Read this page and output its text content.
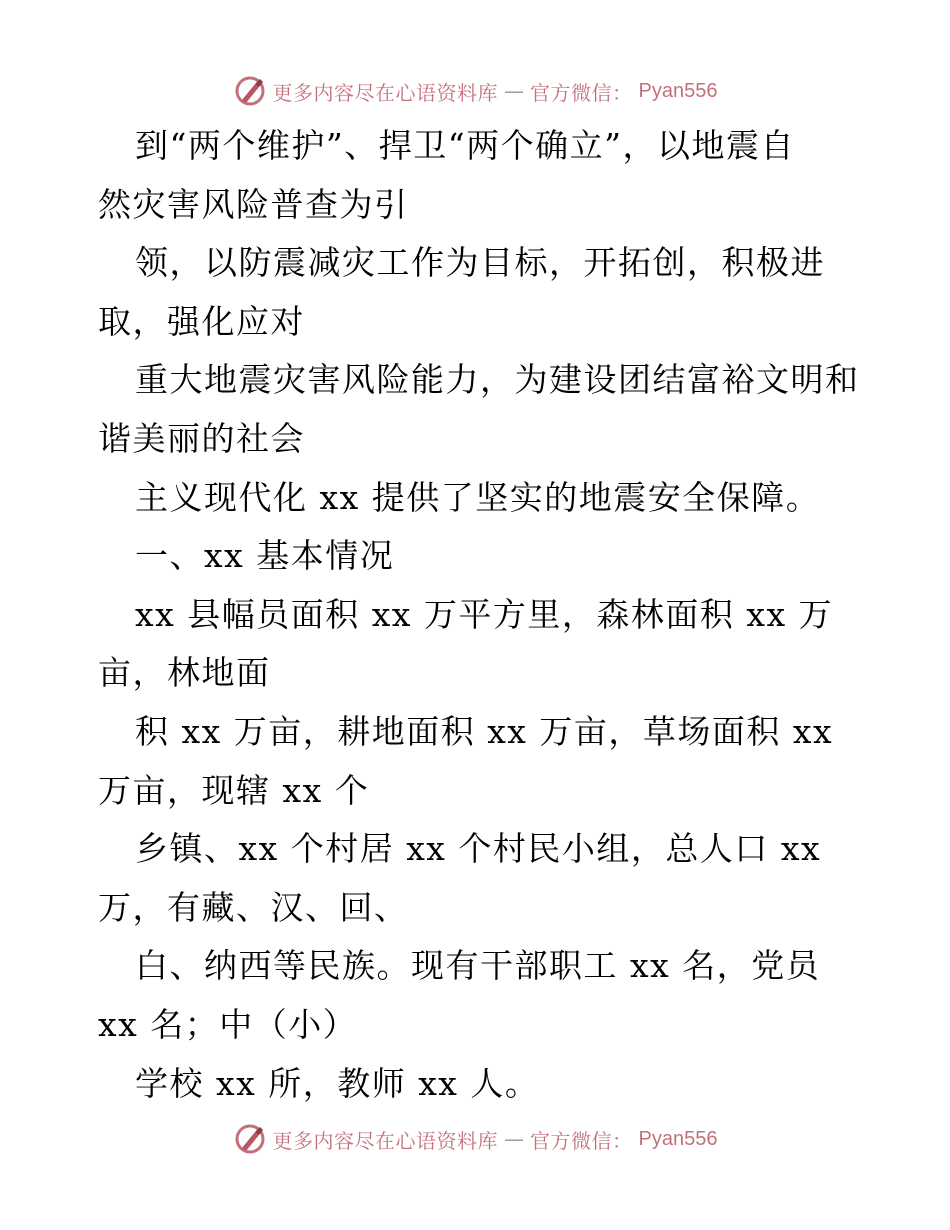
更多内容尽在心语资料库 — 官方微信： Pyan556
到“两个维护”、捍卫“两个确立”，以地震自
然灾害风险普查为引
领，以防震减灾工作为目标，开拓创，积极进
取，强化应对
重大地震灾害风险能力，为建设团结富裕文明和
谐美丽的社会
主义现代化 xx 提供了坚实的地震安全保障。
一、xx 基本情况
xx 县幅员面积 xx 万平方里，森林面积 xx 万
亩，林地面
积 xx 万亩，耕地面积 xx 万亩，草场面积 xx
万亩，现辖 xx 个
乡镇、xx 个村居 xx 个村民小组，总人口 xx
万，有藏、汉、回、
白、纳西等民族。现有干部职工 xx 名，党员
xx 名；中（小）
学校 xx 所，教师 xx 人。
更多内容尽在心语资料库 — 官方微信： Pyan556
